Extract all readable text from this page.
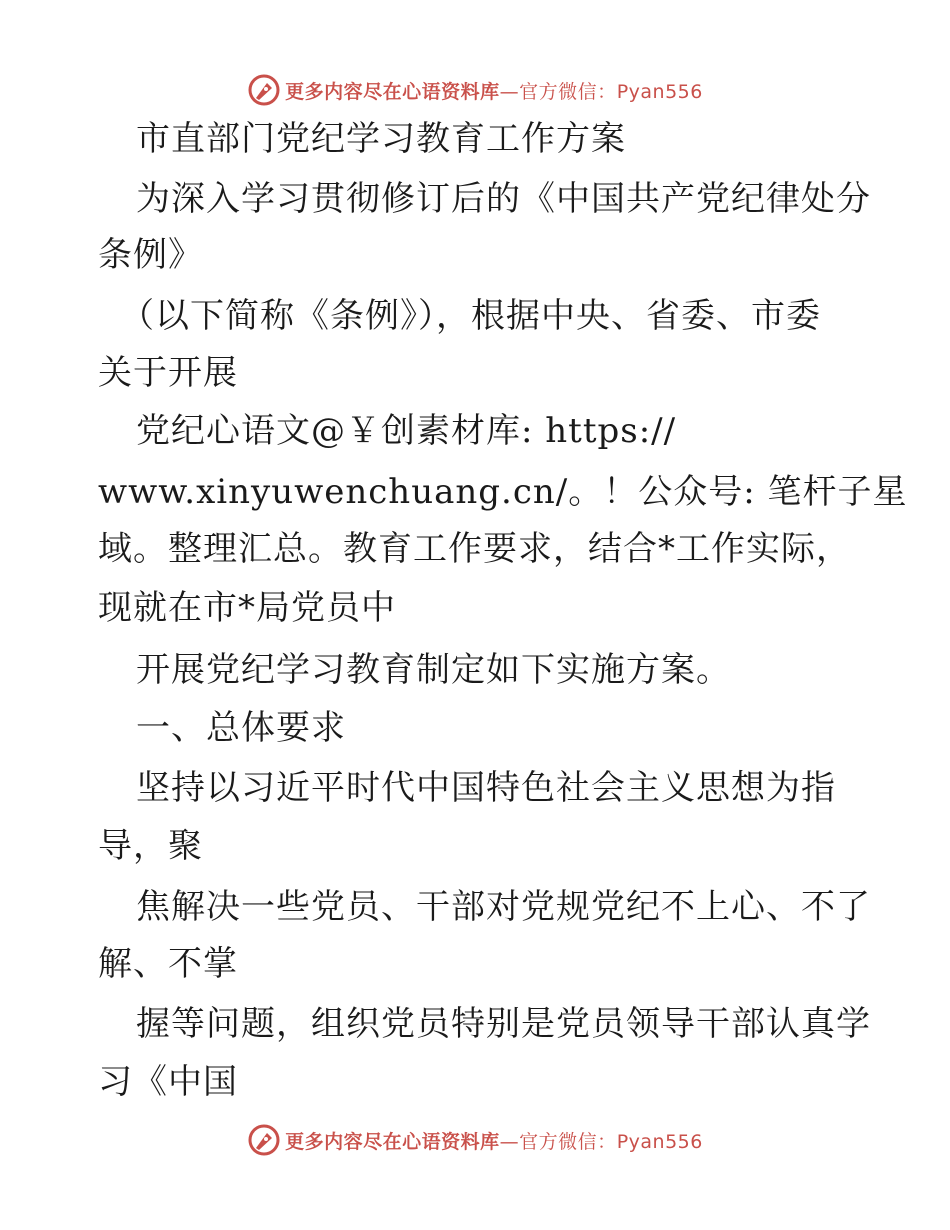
更多内容尽在心语资料库—官方微信：Pyan556
市直部门党纪学习教育工作方案
为深入学习贯彻修订后的《中国共产党纪律处分
条例》
（以下简称《条例》），根据中央、省委、市委
关于开展
党纪心语文@￥创素材库: https://
www.xinyuwenchuang.cn/。！公众号: 笔杆子星
域。整理汇总。教育工作要求，结合*工作实际，
现就在市*局党员中
开展党纪学习教育制定如下实施方案。
一、总体要求
坚持以习近平时代中国特色社会主义思想为指
导，聚
焦解决一些党员、干部对党规党纪不上心、不了
解、不掌
握等问题，组织党员特别是党员领导干部认真学
习《中国
更多内容尽在心语资料库—官方微信：Pyan556
